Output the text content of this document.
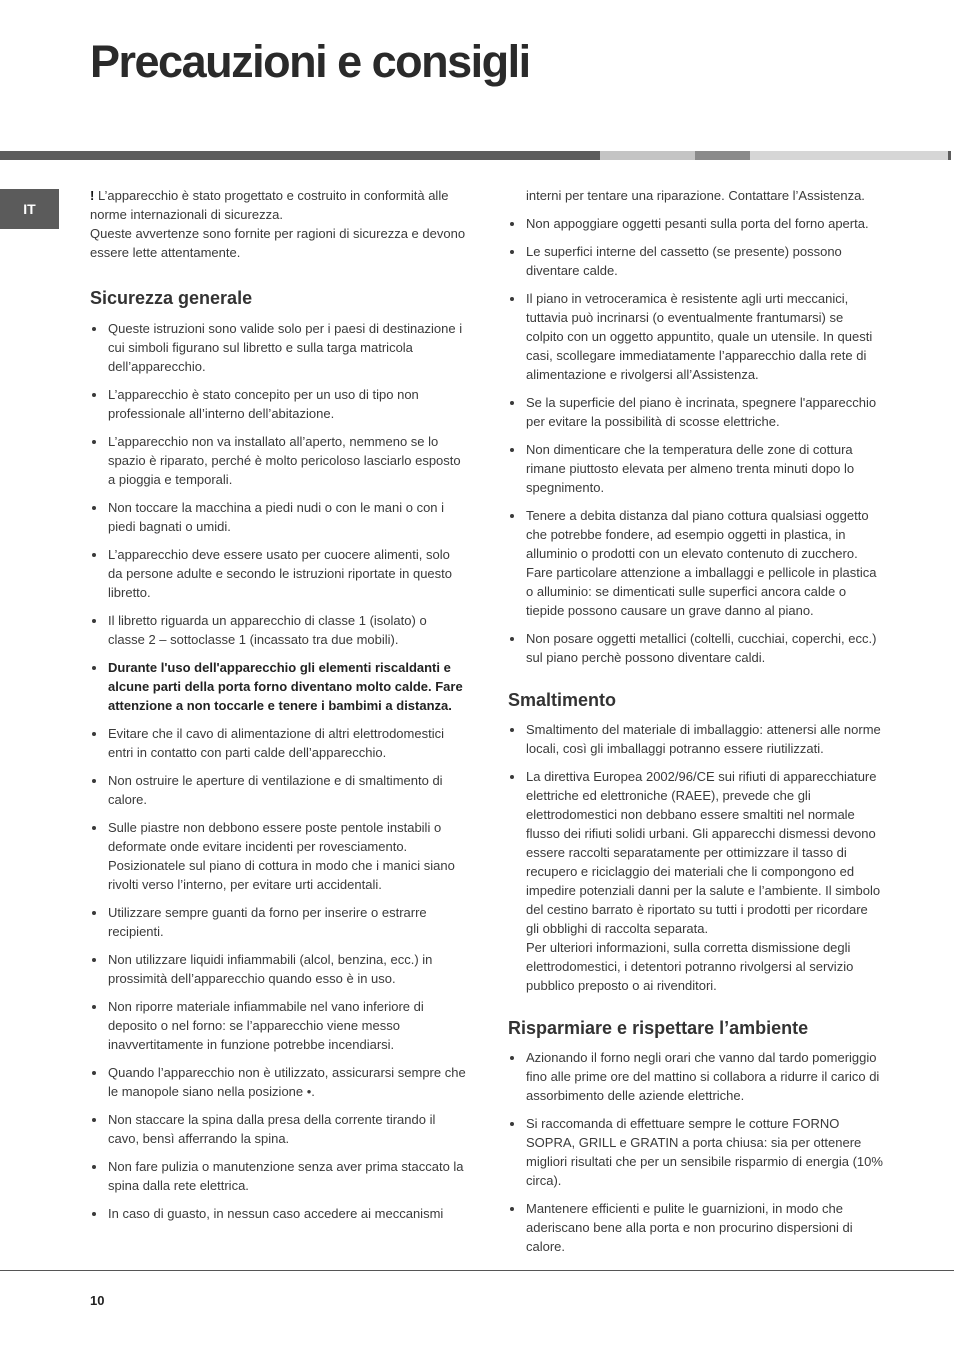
Precauzioni e consigli
IT

! L’apparecchio è stato progettato e costruito in conformità alle norme internazionali di sicurezza.

Queste avvertenze sono fornite per ragioni di sicurezza e devono essere lette attentamente.

Sicurezza generale
Queste istruzioni sono valide solo per i paesi di destinazione i cui simboli figurano sul libretto e sulla targa matricola dell’apparecchio.
L’apparecchio è stato concepito per un uso di tipo non professionale all’interno dell’abitazione.
L’apparecchio non va installato all’aperto, nemmeno se lo spazio è riparato, perché è molto pericoloso lasciarlo esposto a pioggia e temporali.
Non toccare la macchina a piedi nudi o con le mani o con i piedi bagnati o umidi.
L’apparecchio deve essere usato per cuocere alimenti, solo da persone adulte e secondo le istruzioni riportate in questo libretto.
Il libretto riguarda un apparecchio di classe 1 (isolato) o classe 2 – sottoclasse 1 (incassato tra due mobili).
Durante l'uso dell'apparecchio gli elementi riscaldanti e alcune parti della porta forno diventano molto calde. Fare attenzione a non toccarle e tenere i bambimi a distanza.
Evitare che il cavo di alimentazione di altri elettrodomestici entri in contatto con parti calde dell’apparecchio.
Non ostruire le aperture di ventilazione e di smaltimento di calore.
Sulle piastre non debbono essere poste pentole instabili o deformate onde evitare incidenti per rovesciamento. Posizionatele sul piano di cottura in modo che i manici siano rivolti verso l’interno, per evitare urti accidentali.
Utilizzare sempre guanti da forno per inserire o estrarre recipienti.
Non utilizzare liquidi infiammabili (alcol, benzina, ecc.) in prossimità dell’apparecchio quando esso è in uso.
Non riporre materiale infiammabile nel vano inferiore di deposito o nel forno: se l’apparecchio viene messo inavvertitamente in funzione potrebbe incendiarsi.
Quando l’apparecchio non è utilizzato, assicurarsi sempre che le manopole siano nella posizione •.
Non staccare la spina dalla presa della corrente tirando il cavo, bensì afferrando la spina.
Non fare pulizia o manutenzione senza aver prima staccato la spina dalla rete elettrica.
In caso di guasto, in nessun caso accedere ai meccanismi
interni per tentare una riparazione. Contattare l’Assistenza.
Non appoggiare oggetti pesanti sulla porta del forno aperta.
Le superfici interne del cassetto (se presente) possono diventare calde.
Il piano in vetroceramica è resistente agli urti meccanici, tuttavia può incrinarsi (o eventualmente frantumarsi) se colpito con un oggetto appuntito, quale un utensile. In questi casi, scollegare immediatamente l’apparecchio dalla rete di alimentazione e rivolgersi all’Assistenza.
Se la superficie del piano è incrinata, spegnere l'apparecchio per evitare la possibilità di scosse elettriche.
Non dimenticare che la temperatura delle zone di cottura rimane piuttosto elevata per almeno trenta minuti dopo lo spegnimento.
Tenere a debita distanza dal piano cottura qualsiasi oggetto che potrebbe fondere, ad esempio oggetti in plastica, in alluminio o prodotti con un elevato contenuto di zucchero. Fare particolare attenzione a imballaggi e pellicole in plastica o alluminio: se dimenticati sulle superfici ancora calde o tiepide possono causare un grave danno al piano.
Non posare oggetti metallici (coltelli, cucchiai, coperchi, ecc.) sul piano perchè possono diventare caldi.
Smaltimento
Smaltimento del materiale di imballaggio: attenersi alle norme locali, così gli imballaggi potranno essere riutilizzati.
La direttiva Europea 2002/96/CE sui rifiuti di apparecchiature elettriche ed elettroniche (RAEE), prevede che gli elettrodomestici non debbano essere smaltiti nel normale flusso dei rifiuti solidi urbani. Gli apparecchi dismessi devono essere raccolti separatamente per ottimizzare il tasso di recupero e riciclaggio dei materiali che li compongono ed impedire potenziali danni per la salute e l’ambiente. Il simbolo del cestino barrato è riportato su tutti i prodotti per ricordare gli obblighi di raccolta separata.
Per ulteriori informazioni, sulla corretta dismissione degli elettrodomestici, i detentori potranno rivolgersi al servizio pubblico preposto o ai rivenditori.
Risparmiare e rispettare l’ambiente
Azionando il forno negli orari che vanno dal tardo pomeriggio fino alle prime ore del mattino si collabora a ridurre il carico di assorbimento delle aziende elettriche.
Si raccomanda di effettuare sempre le cotture FORNO SOPRA, GRILL e GRATIN a porta chiusa: sia per ottenere migliori risultati che per un sensibile risparmio di energia (10% circa).
Mantenere efficienti e pulite le guarnizioni, in modo che aderiscano bene alla porta e non procurino dispersioni di calore.
10
